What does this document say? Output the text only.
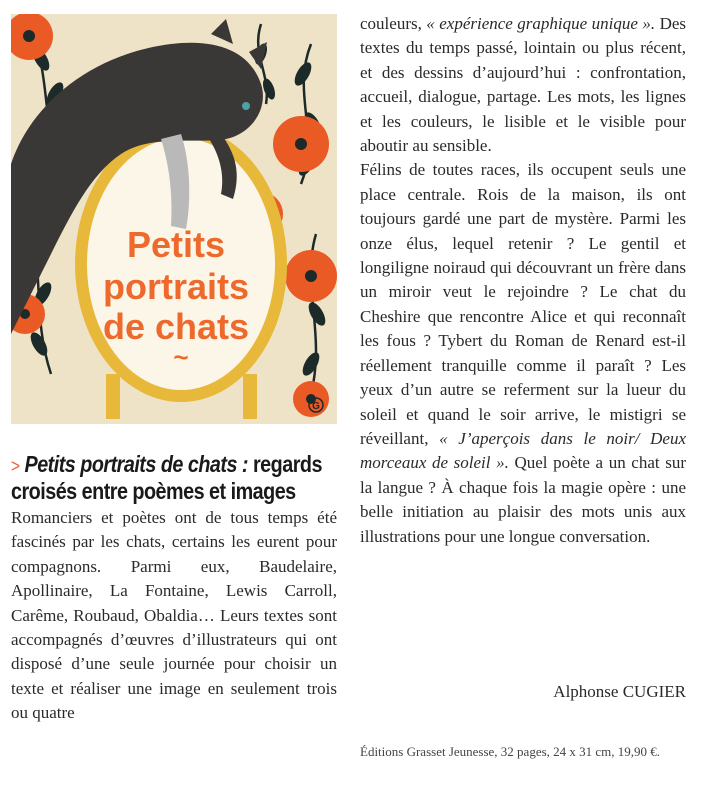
Petits
portraits
de chats
~
G
> Petits portraits de chats : regards croisés entre poèmes et images

Romanciers et poètes ont de tous temps été fascinés par les chats, certains les eurent pour compagnons. Parmi eux, Baudelaire, Apollinaire, La Fontaine, Lewis Carroll, Carême, Roubaud, Obaldia… Leurs textes sont accompagnés d’œuvres d’illustrateurs qui ont disposé d’une seule journée pour choisir un texte et réaliser une image en seulement trois ou quatre

couleurs, « expérience graphique unique ». Des textes du temps passé, lointain ou plus récent, et des dessins d’aujourd’hui : confrontation, accueil, dialogue, partage. Les mots, les lignes et les couleurs, le lisible et le visible pour aboutir au sensible.

Félins de toutes races, ils occupent seuls une place centrale. Rois de la maison, ils ont toujours gardé une part de mystère. Parmi les onze élus, lequel retenir ? Le gentil et longiligne noiraud qui découvrant un frère dans un miroir veut le rejoindre ? Le chat du Cheshire que rencontre Alice et qui reconnaît les fous ? Tybert du Roman de Renard est-il réellement tranquille comme il paraît ? Les yeux d’un autre se referment sur la lueur du soleil et quand le soir arrive, le mistigri se réveillant, « J’aperçois dans le noir/ Deux morceaux de soleil ». Quel poète a un chat sur la langue ? À chaque fois la magie opère : une belle initiation au plaisir des mots unis aux illustrations pour une longue conversation.

Alphonse CUGIER
Éditions Grasset Jeunesse, 32 pages, 24 x 31 cm, 19,90 €.
